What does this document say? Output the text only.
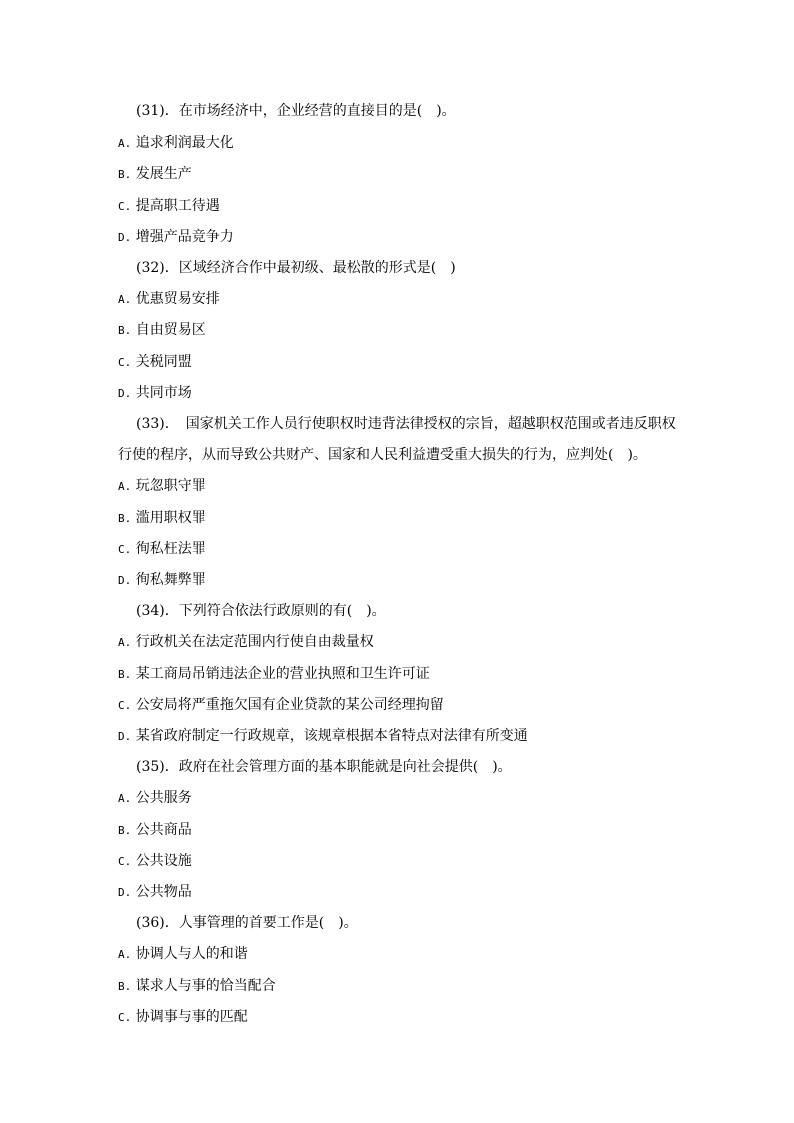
(31)．在市场经济中，企业经营的直接目的是(　)。
A. 追求利润最大化
B. 发展生产
C. 提高职工待遇
D. 增强产品竞争力
(32)．区域经济合作中最初级、最松散的形式是(　)
A. 优惠贸易安排
B. 自由贸易区
C. 关税同盟
D. 共同市场
(33)．　国家机关工作人员行使职权时违背法律授权的宗旨，超越职权范围或者违反职权
行使的程序，从而导致公共财产、国家和人民利益遭受重大损失的行为，应判处(　)。
A. 玩忽职守罪
B. 滥用职权罪
C. 徇私枉法罪
D. 徇私舞弊罪
(34)．下列符合依法行政原则的有(　)。
A. 行政机关在法定范围内行使自由裁量权
B. 某工商局吊销违法企业的营业执照和卫生许可证
C. 公安局将严重拖欠国有企业贷款的某公司经理拘留
D. 某省政府制定一行政规章，该规章根据本省特点对法律有所变通
(35)．政府在社会管理方面的基本职能就是向社会提供(　)。
A. 公共服务
B. 公共商品
C. 公共设施
D. 公共物品
(36)．人事管理的首要工作是(　)。
A. 协调人与人的和谐
B. 谋求人与事的恰当配合
C. 协调事与事的匹配
